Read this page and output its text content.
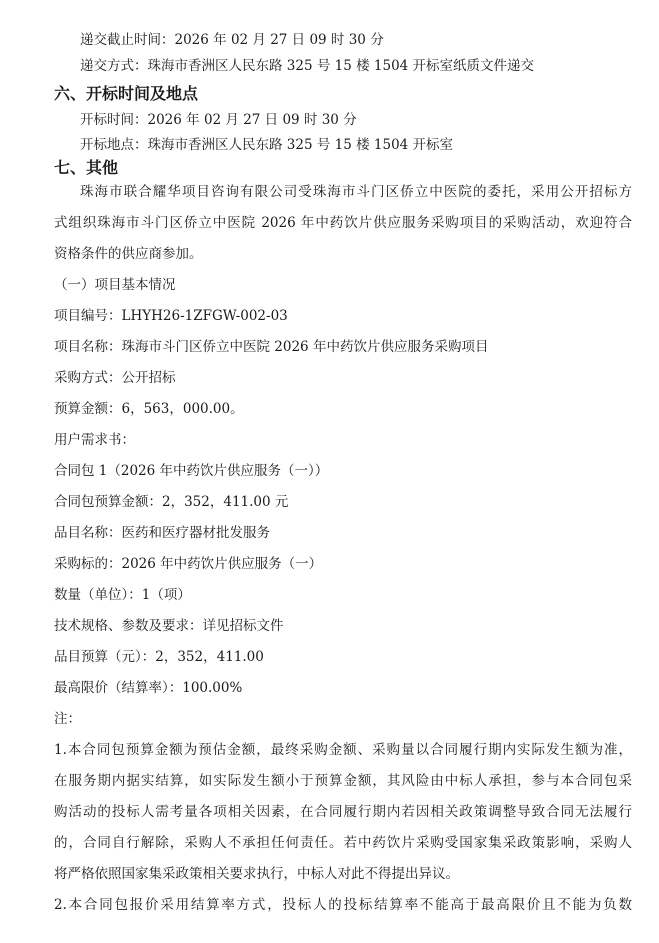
递交截止时间：2026 年 02 月 27 日 09 时 30 分
递交方式：珠海市香洲区人民东路 325 号 15 楼 1504 开标室纸质文件递交
六、开标时间及地点
开标时间：2026 年 02 月 27 日 09 时 30 分
开标地点：珠海市香洲区人民东路 325 号 15 楼 1504 开标室
七、其他
珠海市联合耀华项目咨询有限公司受珠海市斗门区侨立中医院的委托，采用公开招标方
式组织珠海市斗门区侨立中医院 2026 年中药饮片供应服务采购项目的采购活动，欢迎符合
资格条件的供应商参加。
（一）项目基本情况
项目编号：LHYH26-1ZFGW-002-03
项目名称：珠海市斗门区侨立中医院 2026 年中药饮片供应服务采购项目
采购方式：公开招标
预算金额：6，563，000.00。
用户需求书：
合同包 1（2026 年中药饮片供应服务（一））
合同包预算金额：2，352，411.00 元
品目名称：医药和医疗器材批发服务
采购标的：2026 年中药饮片供应服务（一）
数量（单位）：1（项）
技术规格、参数及要求：详见招标文件
品目预算（元）：2，352，411.00
最高限价（结算率）：100.00%
注：
1.本合同包预算金额为预估金额，最终采购金额、采购量以合同履行期内实际发生额为准，
在服务期内据实结算，如实际发生额小于预算金额，其风险由中标人承担，参与本合同包采
购活动的投标人需考量各项相关因素，在合同履行期内若因相关政策调整导致合同无法履行
的，合同自行解除，采购人不承担任何责任。若中药饮片采购受国家集采政策影响，采购人
将严格依照国家集采政策相关要求执行，中标人对此不得提出异议。
2.本合同包报价采用结算率方式，投标人的投标结算率不能高于最高限价且不能为负数
